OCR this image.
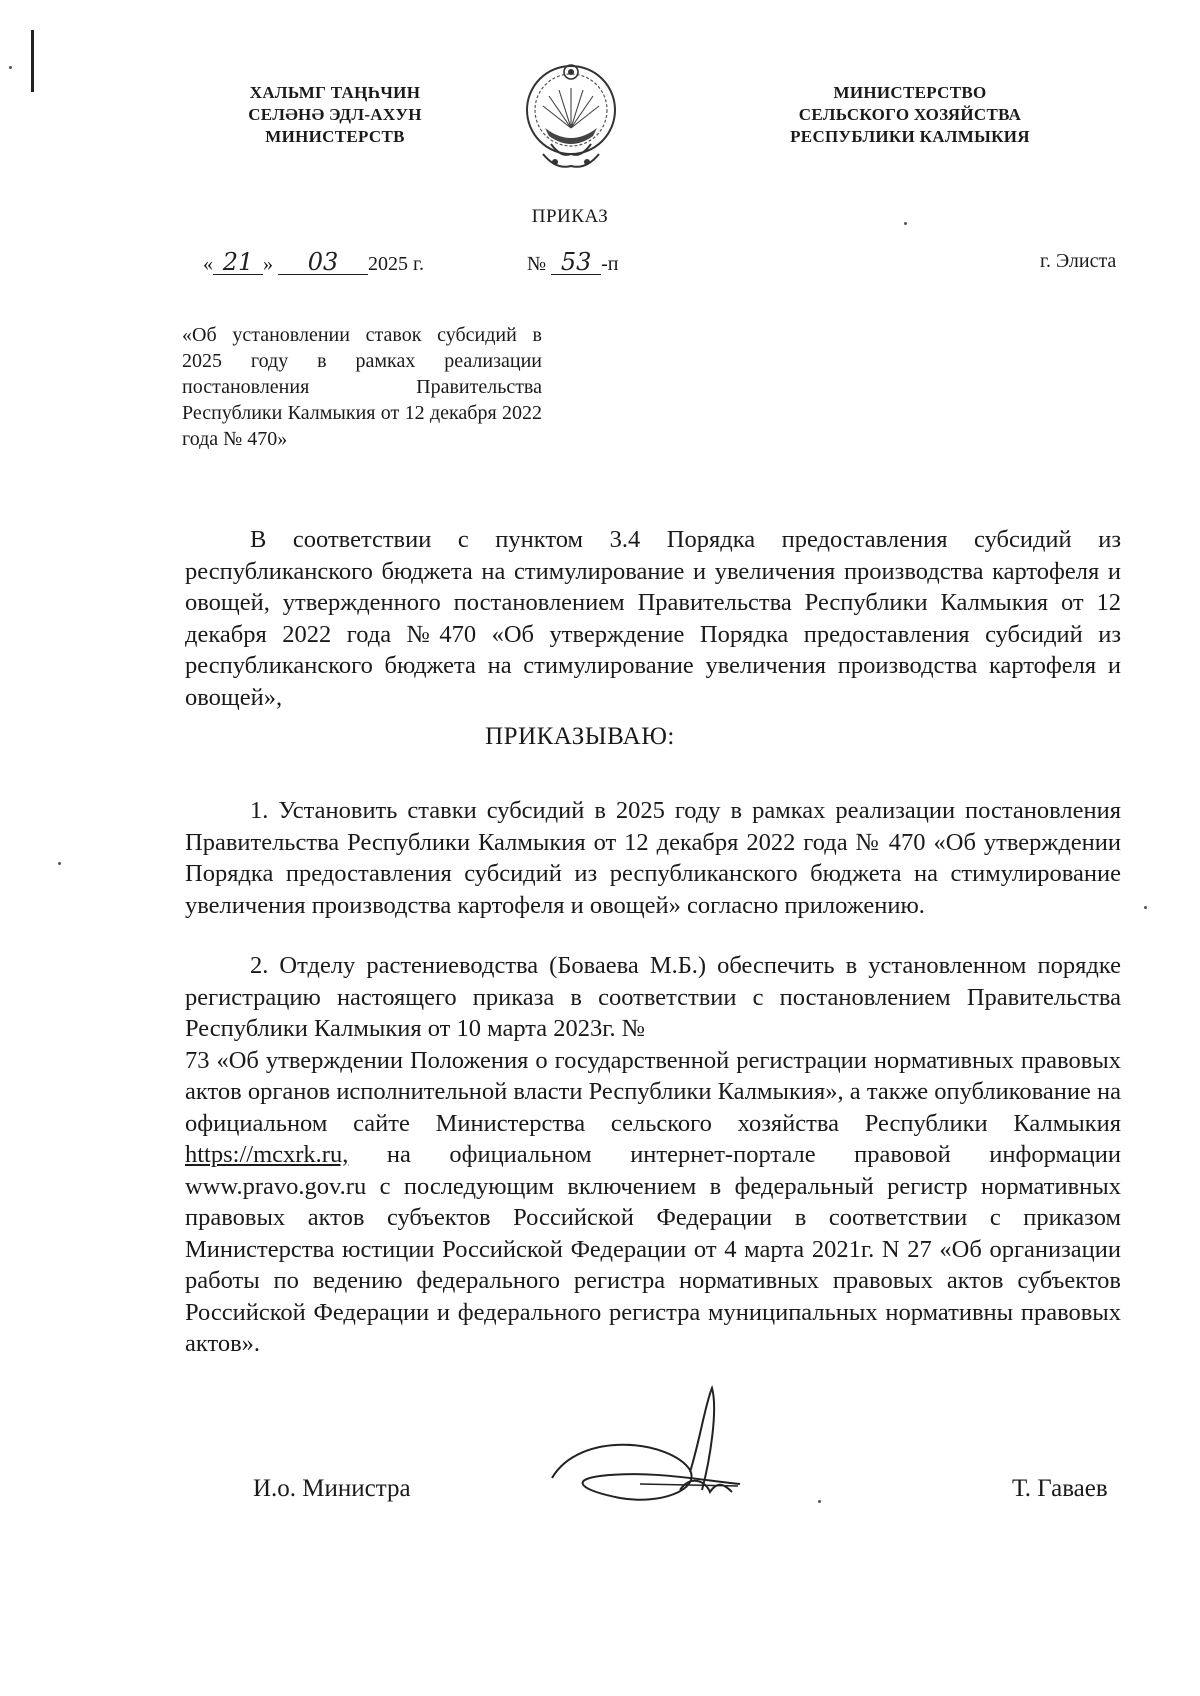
ХАЛЬМГ ТАҢҺЧИН
СЕЛӘНӘ ЭДЛ-АХУН
МИНИСТЕРСТВ
МИНИСТЕРСТВО
СЕЛЬСКОГО ХОЗЯЙСТВА
РЕСПУБЛИКИ КАЛМЫКИЯ
ПРИКАЗ
« 21 » 03 2025 г.	№ 53 -п	г. Элиста
«Об установлении ставок субсидий в 2025 году в рамках реализации постановления Правительства Республики Калмыкия от 12 декабря 2022 года № 470»

В соответствии с пунктом 3.4 Порядка предоставления субсидий из республиканского бюджета на стимулирование и увеличения производства картофеля и овощей, утвержденного постановлением Правительства Республики Калмыкия от 12 декабря 2022 года №470 «Об утверждение Порядка предоставления субсидий из республиканского бюджета на стимулирование увеличения производства картофеля и овощей»,

ПРИКАЗЫВАЮ:

1. Установить ставки субсидий в 2025 году в рамках реализации постановления Правительства Республики Калмыкия от 12 декабря 2022 года № 470 «Об утверждении Порядка предоставления субсидий из республиканского бюджета на стимулирование увеличения производства картофеля и овощей» согласно приложению.

2. Отделу растениеводства (Боваева М.Б.) обеспечить в установленном порядке регистрацию настоящего приказа в соответствии с постановлением Правительства Республики Калмыкия от 10 марта 2023г. №

73 «Об утверждении Положения о государственной регистрации нормативных правовых актов органов исполнительной власти Республики Калмыкия», а также опубликование на официальном сайте Министерства сельского хозяйства Республики Калмыкия https://mcxrk.ru, на официальном интернет-портале правовой информации www.pravo.gov.ru с последующим включением в федеральный регистр нормативных правовых актов субъектов Российской Федерации в соответствии с приказом Министерства юстиции Российской Федерации от 4 марта 2021г. N 27 «Об организации работы по ведению федерального регистра нормативных правовых актов субъектов Российской Федерации и федерального регистра муниципальных нормативны правовых актов».

И.о. Министра	Т. Гаваев
